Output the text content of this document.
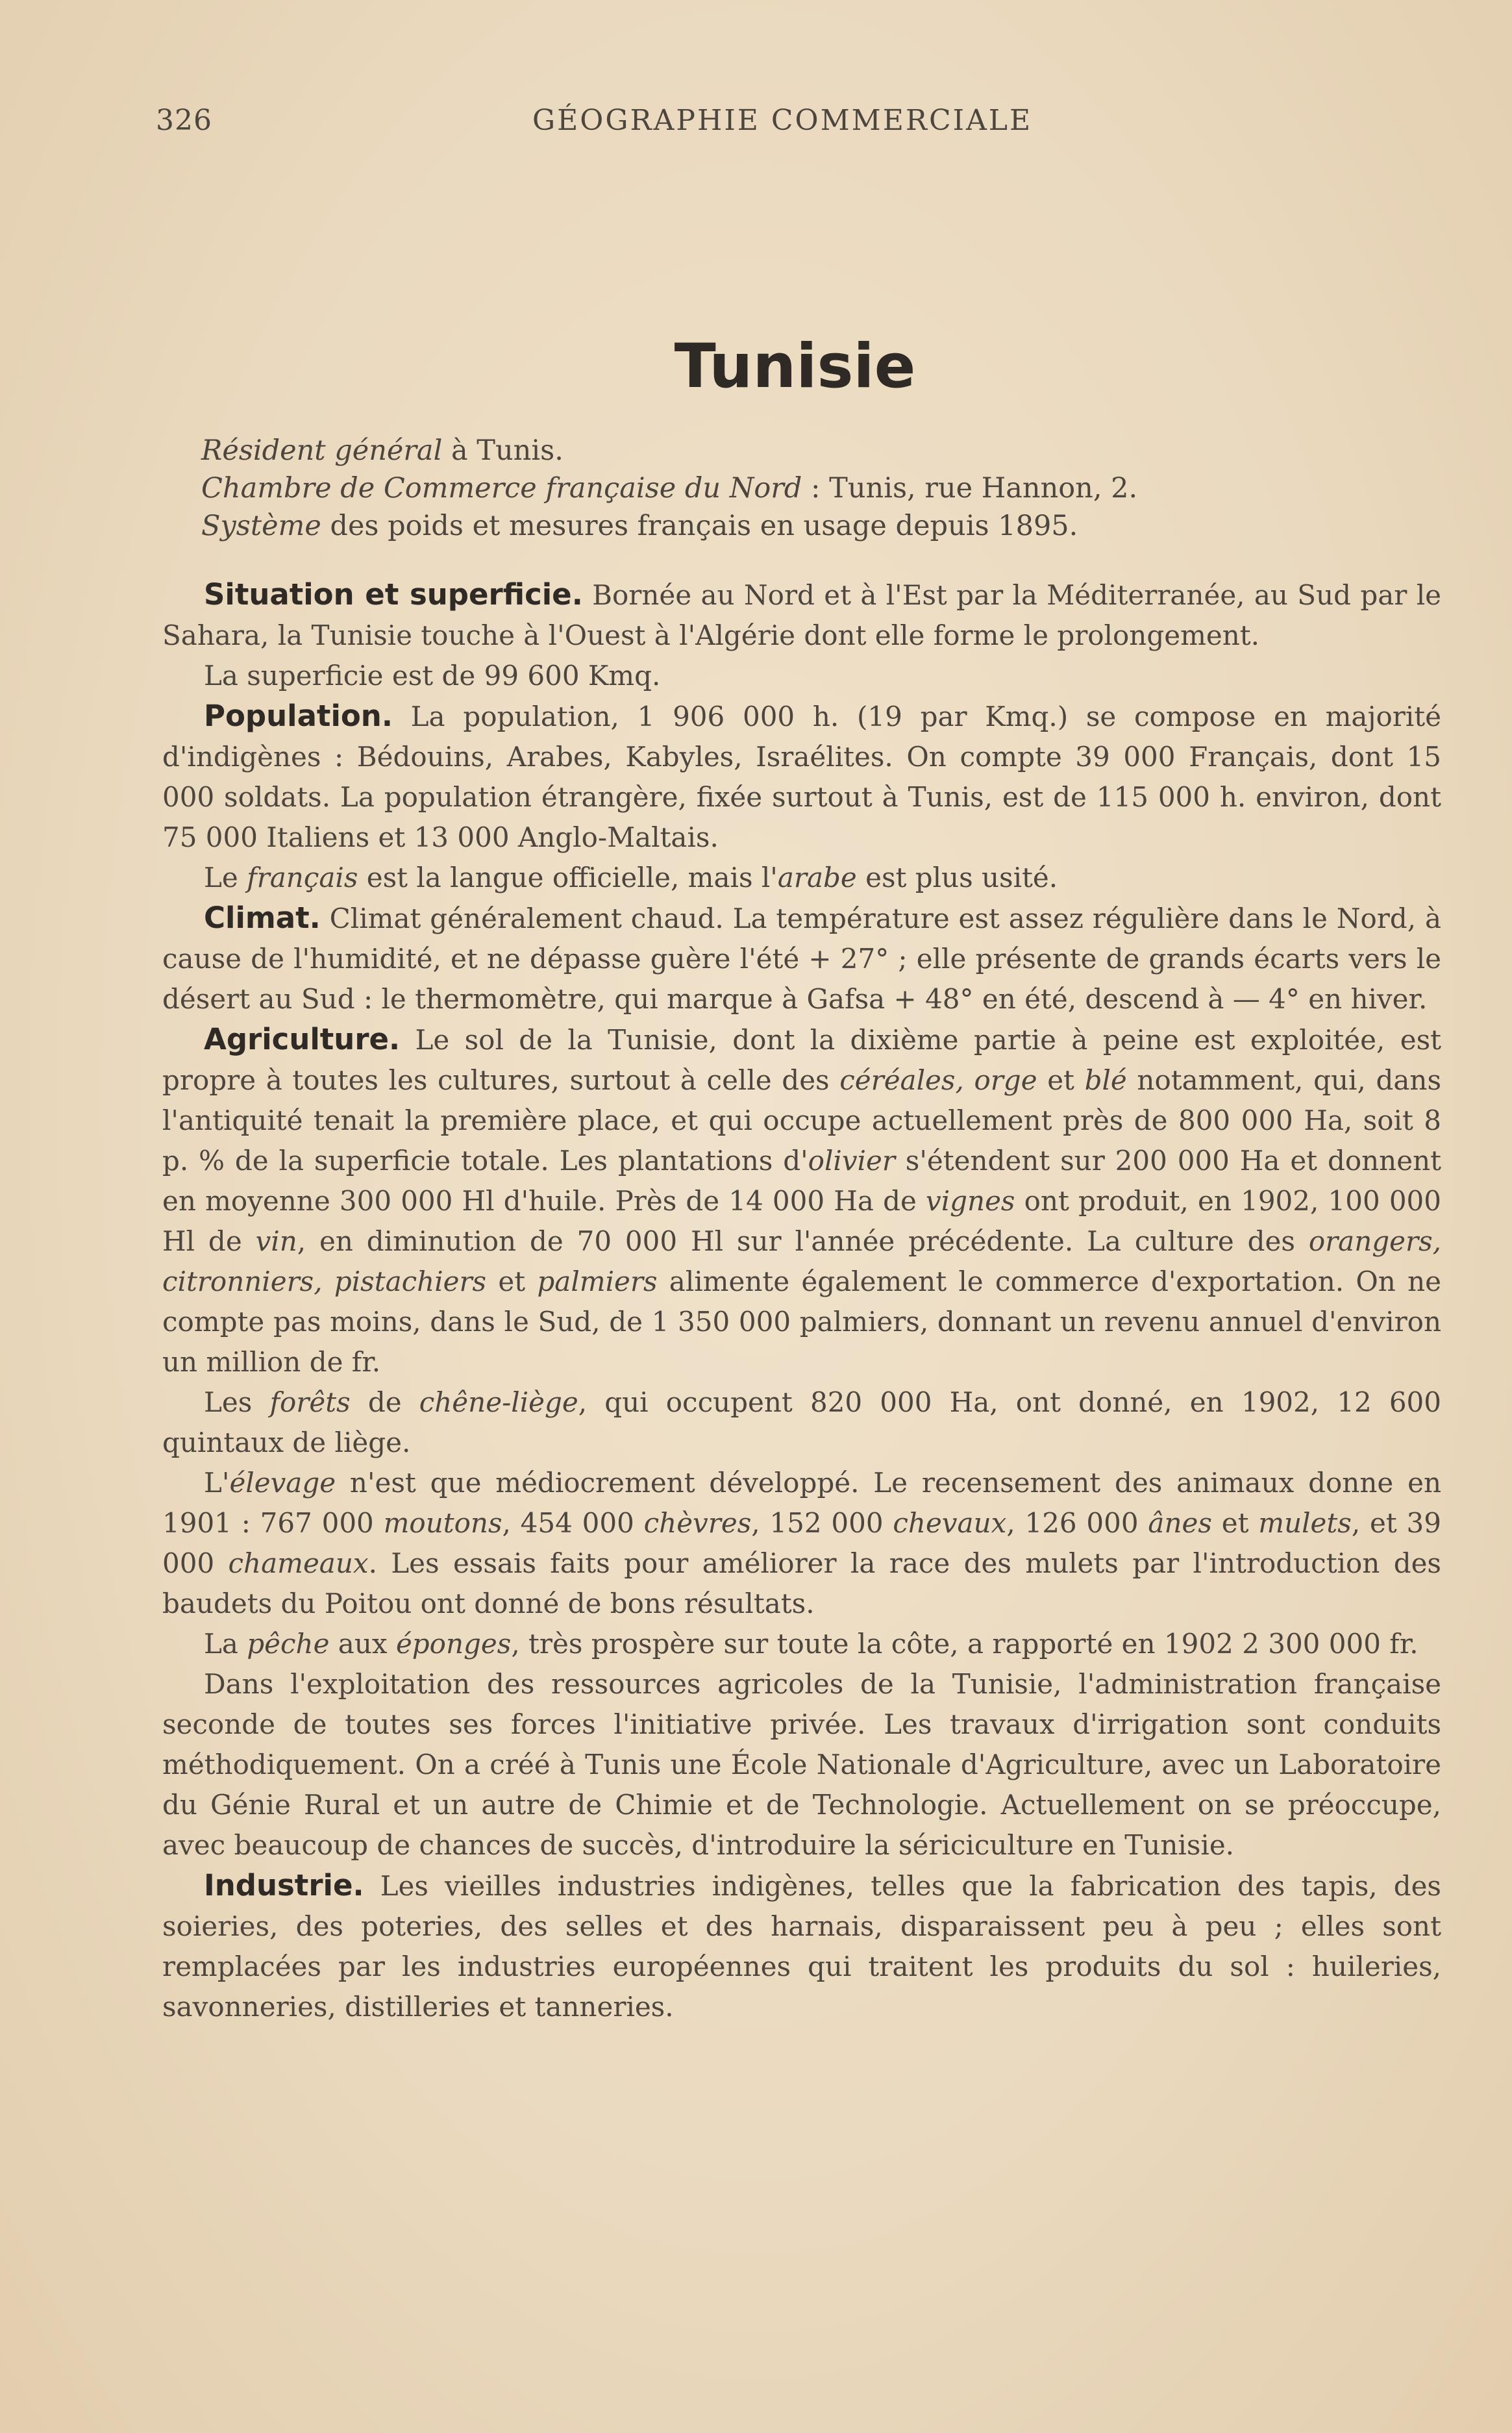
326	GÉOGRAPHIE COMMERCIALE
Tunisie

Résident général à Tunis.

Chambre de Commerce française du Nord : Tunis, rue Hannon, 2.

Système des poids et mesures français en usage depuis 1895.

Situation et superficie. Bornée au Nord et à l'Est par la Méditerranée, au Sud par le Sahara, la Tunisie touche à l'Ouest à l'Algérie dont elle forme le prolongement.

La superficie est de 99 600 Kmq.

Population. La population, 1 906 000 h. (19 par Kmq.) se compose en majorité d'indigènes : Bédouins, Arabes, Kabyles, Israélites. On compte 39 000 Français, dont 15 000 soldats. La population étrangère, fixée surtout à Tunis, est de 115 000 h. environ, dont 75 000 Italiens et 13 000 Anglo-Maltais.

Le français est la langue officielle, mais l'arabe est plus usité.

Climat. Climat généralement chaud. La température est assez régulière dans le Nord, à cause de l'humidité, et ne dépasse guère l'été + 27° ; elle présente de grands écarts vers le désert au Sud : le thermomètre, qui marque à Gafsa + 48° en été, descend à — 4° en hiver.

Agriculture. Le sol de la Tunisie, dont la dixième partie à peine est exploitée, est propre à toutes les cultures, surtout à celle des céréales, orge et blé notamment, qui, dans l'antiquité tenait la première place, et qui occupe actuellement près de 800 000 Ha, soit 8 p. % de la superficie totale. Les plantations d'olivier s'étendent sur 200 000 Ha et donnent en moyenne 300 000 Hl d'huile. Près de 14 000 Ha de vignes ont produit, en 1902, 100 000 Hl de vin, en diminution de 70 000 Hl sur l'année précédente. La culture des orangers, citronniers, pistachiers et palmiers alimente également le commerce d'exportation. On ne compte pas moins, dans le Sud, de 1 350 000 palmiers, donnant un revenu annuel d'environ un million de fr.

Les forêts de chêne-liège, qui occupent 820 000 Ha, ont donné, en 1902, 12 600 quintaux de liège.

L'élevage n'est que médiocrement développé. Le recensement des animaux donne en 1901 : 767 000 moutons, 454 000 chèvres, 152 000 chevaux, 126 000 ânes et mulets, et 39 000 chameaux. Les essais faits pour améliorer la race des mulets par l'introduction des baudets du Poitou ont donné de bons résultats.

La pêche aux éponges, très prospère sur toute la côte, a rapporté en 1902 2 300 000 fr.

Dans l'exploitation des ressources agricoles de la Tunisie, l'administration française seconde de toutes ses forces l'initiative privée. Les travaux d'irrigation sont conduits méthodiquement. On a créé à Tunis une École Nationale d'Agriculture, avec un Laboratoire du Génie Rural et un autre de Chimie et de Technologie. Actuellement on se préoccupe, avec beaucoup de chances de succès, d'introduire la sériciculture en Tunisie.

Industrie. Les vieilles industries indigènes, telles que la fabrication des tapis, des soieries, des poteries, des selles et des harnais, disparaissent peu à peu ; elles sont remplacées par les industries européennes qui traitent les produits du sol : huileries, savonneries, distilleries et tanneries.
